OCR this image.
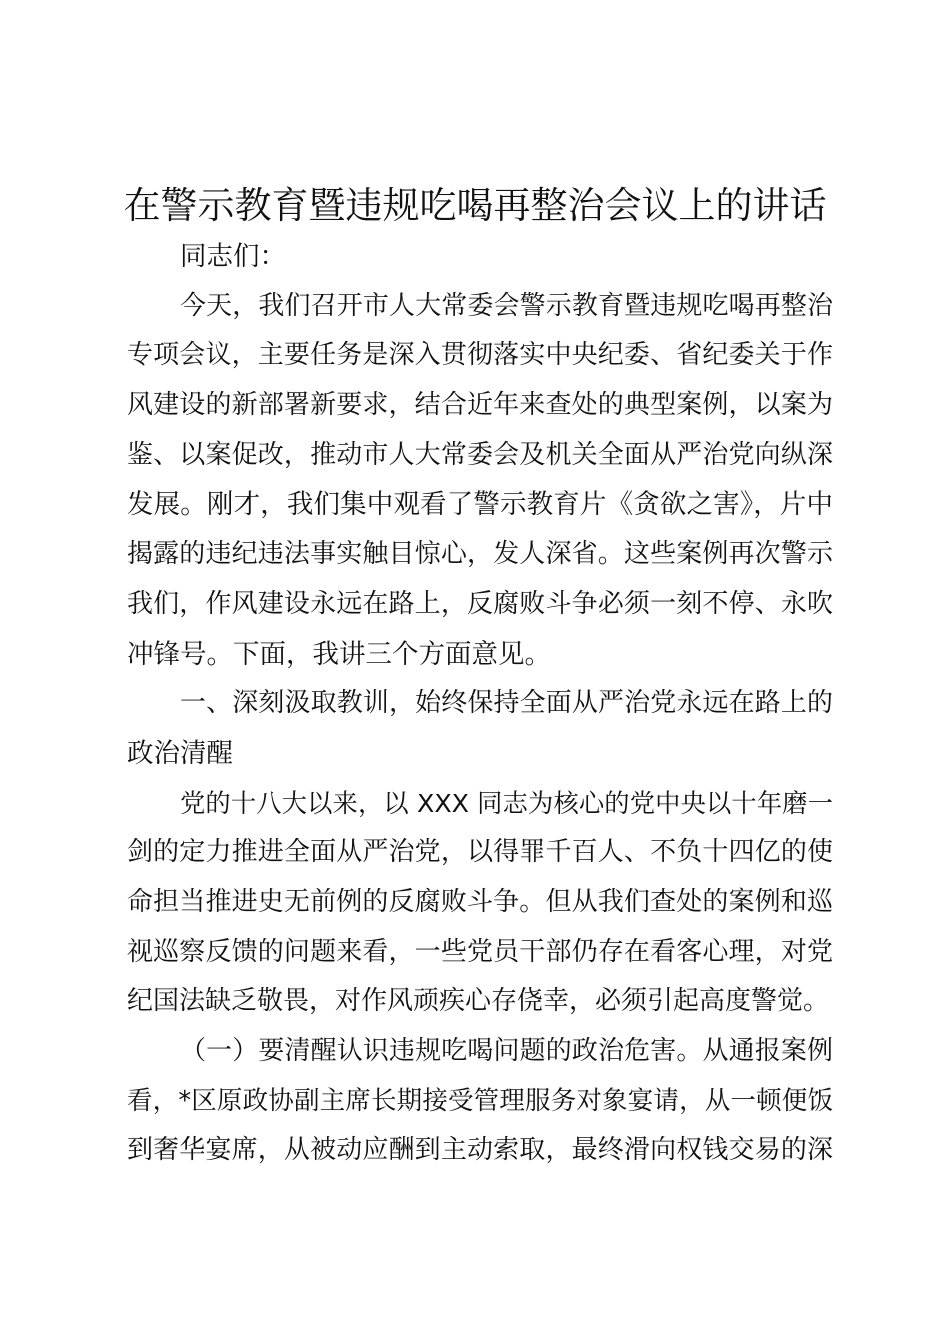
在警示教育暨违规吃喝再整治会议上的讲话
同志们：
今天，我们召开市人大常委会警示教育暨违规吃喝再整治
专项会议，主要任务是深入贯彻落实中央纪委、省纪委关于作
风建设的新部署新要求，结合近年来查处的典型案例，以案为
鉴、以案促改，推动市人大常委会及机关全面从严治党向纵深
发展。刚才，我们集中观看了警示教育片《贪欲之害》，片中
揭露的违纪违法事实触目惊心，发人深省。这些案例再次警示
我们，作风建设永远在路上，反腐败斗争必须一刻不停、永吹
冲锋号。下面，我讲三个方面意见。
一、深刻汲取教训，始终保持全面从严治党永远在路上的
政治清醒
党的十八大以来，以 XXX 同志为核心的党中央以十年磨一
剑的定力推进全面从严治党，以得罪千百人、不负十四亿的使
命担当推进史无前例的反腐败斗争。但从我们查处的案例和巡
视巡察反馈的问题来看，一些党员干部仍存在看客心理，对党
纪国法缺乏敬畏，对作风顽疾心存侥幸，必须引起高度警觉。
（一）要清醒认识违规吃喝问题的政治危害。从通报案例
看，*区原政协副主席长期接受管理服务对象宴请，从一顿便饭
到奢华宴席，从被动应酬到主动索取，最终滑向权钱交易的深
